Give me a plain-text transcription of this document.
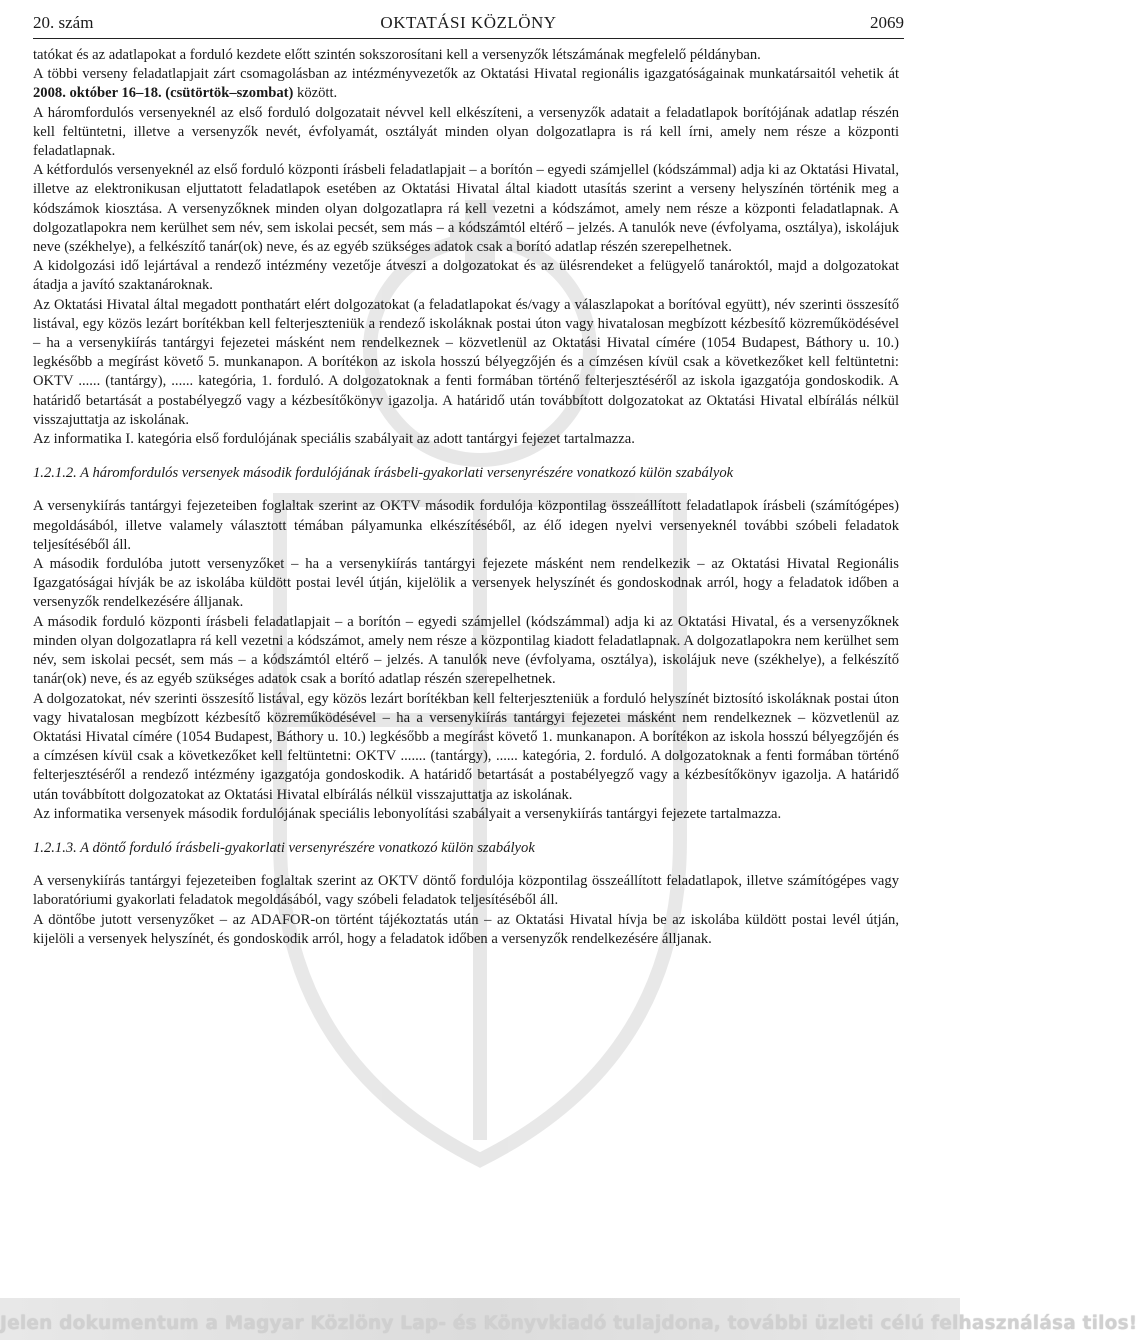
OKTATÁSI KÖZLÖNY
20. szám	2069

tatókat és az adatlapokat a forduló kezdete előtt szintén sokszorosítani kell a versenyzők létszámának megfelelő példányban.

A többi verseny feladatlapjait zárt csomagolásban az intézményvezetők az Oktatási Hivatal regionális igazgatóságainak munkatársaitól vehetik át 2008. október 16–18. (csütörtök–szombat) között.

A háromfordulós versenyeknél az első forduló dolgozatait névvel kell elkészíteni, a versenyzők adatait a feladatlapok borítójának adatlap részén kell feltüntetni, illetve a versenyzők nevét, évfolyamát, osztályát minden olyan dolgozatlapra is rá kell írni, amely nem része a központi feladatlapnak.

A kétfordulós versenyeknél az első forduló központi írásbeli feladatlapjait – a borítón – egyedi számjellel (kódszámmal) adja ki az Oktatási Hivatal, illetve az elektronikusan eljuttatott feladatlapok esetében az Oktatási Hivatal által kiadott utasítás szerint a verseny helyszínén történik meg a kódszámok kiosztása. A versenyzőknek minden olyan dolgozatlapra rá kell vezetni a kódszámot, amely nem része a központi feladatlapnak. A dolgozatlapokra nem kerülhet sem név, sem iskolai pecsét, sem más – a kódszámtól eltérő – jelzés. A tanulók neve (évfolyama, osztálya), iskolájuk neve (székhelye), a felkészítő tanár(ok) neve, és az egyéb szükséges adatok csak a borító adatlap részén szerepelhetnek.

A kidolgozási idő lejártával a rendező intézmény vezetője átveszi a dolgozatokat és az ülésrendeket a felügyelő tanároktól, majd a dolgozatokat átadja a javító szaktanároknak.

Az Oktatási Hivatal által megadott ponthatárt elért dolgozatokat (a feladatlapokat és/vagy a válaszlapokat a borítóval együtt), név szerinti összesítő listával, egy közös lezárt borítékban kell felterjeszteniük a rendező iskoláknak postai úton vagy hivatalosan megbízott kézbesítő közreműködésével – ha a versenykiírás tantárgyi fejezetei másként nem rendelkeznek – közvetlenül az Oktatási Hivatal címére (1054 Budapest, Báthory u. 10.) legkésőbb a megírást követő 5. munkanapon. A borítékon az iskola hosszú bélyegzőjén és a címzésen kívül csak a következőket kell feltüntetni: OKTV ...... (tantárgy), ...... kategória, 1. forduló. A dolgozatoknak a fenti formában történő felterjesztéséről az iskola igazgatója gondoskodik. A határidő betartását a postabélyegző vagy a kézbesítőkönyv igazolja. A határidő után továbbított dolgozatokat az Oktatási Hivatal elbírálás nélkül visszajuttatja az iskolának.

Az informatika I. kategória első fordulójának speciális szabályait az adott tantárgyi fejezet tartalmazza.

1.2.1.2. A háromfordulós versenyek második fordulójának írásbeli-gyakorlati versenyrészére vonatkozó külön szabályok

A versenykiírás tantárgyi fejezeteiben foglaltak szerint az OKTV második fordulója központilag összeállított feladatlapok írásbeli (számítógépes) megoldásából, illetve valamely választott témában pályamunka elkészítéséből, az élő idegen nyelvi versenyeknél további szóbeli feladatok teljesítéséből áll.

A második fordulóba jutott versenyzőket – ha a versenykiírás tantárgyi fejezete másként nem rendelkezik – az Oktatási Hivatal Regionális Igazgatóságai hívják be az iskolába küldött postai levél útján, kijelölik a versenyek helyszínét és gondoskodnak arról, hogy a feladatok időben a versenyzők rendelkezésére álljanak.

A második forduló központi írásbeli feladatlapjait – a borítón – egyedi számjellel (kódszámmal) adja ki az Oktatási Hivatal, és a versenyzőknek minden olyan dolgozatlapra rá kell vezetni a kódszámot, amely nem része a központilag kiadott feladatlapnak. A dolgozatlapokra nem kerülhet sem név, sem iskolai pecsét, sem más – a kódszámtól eltérő – jelzés. A tanulók neve (évfolyama, osztálya), iskolájuk neve (székhelye), a felkészítő tanár(ok) neve, és az egyéb szükséges adatok csak a borító adatlap részén szerepelhetnek.

A dolgozatokat, név szerinti összesítő listával, egy közös lezárt borítékban kell felterjeszteniük a forduló helyszínét biztosító iskoláknak postai úton vagy hivatalosan megbízott kézbesítő közreműködésével – ha a versenykiírás tantárgyi fejezetei másként nem rendelkeznek – közvetlenül az Oktatási Hivatal címére (1054 Budapest, Báthory u. 10.) legkésőbb a megírást követő 1. munkanapon. A borítékon az iskola hosszú bélyegzőjén és a címzésen kívül csak a következőket kell feltüntetni: OKTV ....... (tantárgy), ...... kategória, 2. forduló. A dolgozatoknak a fenti formában történő felterjesztéséről a rendező intézmény igazgatója gondoskodik. A határidő betartását a postabélyegző vagy a kézbesítőkönyv igazolja. A határidő után továbbított dolgozatokat az Oktatási Hivatal elbírálás nélkül visszajuttatja az iskolának.

Az informatika versenyek második fordulójának speciális lebonyolítási szabályait a versenykiírás tantárgyi fejezete tartalmazza.

1.2.1.3. A döntő forduló írásbeli-gyakorlati versenyrészére vonatkozó külön szabályok

A versenykiírás tantárgyi fejezeteiben foglaltak szerint az OKTV döntő fordulója központilag összeállított feladatlapok, illetve számítógépes vagy laboratóriumi gyakorlati feladatok megoldásából, vagy szóbeli feladatok teljesítéséből áll.

A döntőbe jutott versenyzőket – az ADAFOR-on történt tájékoztatás után – az Oktatási Hivatal hívja be az iskolába küldött postai levél útján, kijelöli a versenyek helyszínét, és gondoskodik arról, hogy a feladatok időben a versenyzők rendelkezésére álljanak.

Jelen dokumentum a Magyar Közlöny Lap- és Könyvkiadó tulajdona, további üzleti célú felhasználása tilos!
